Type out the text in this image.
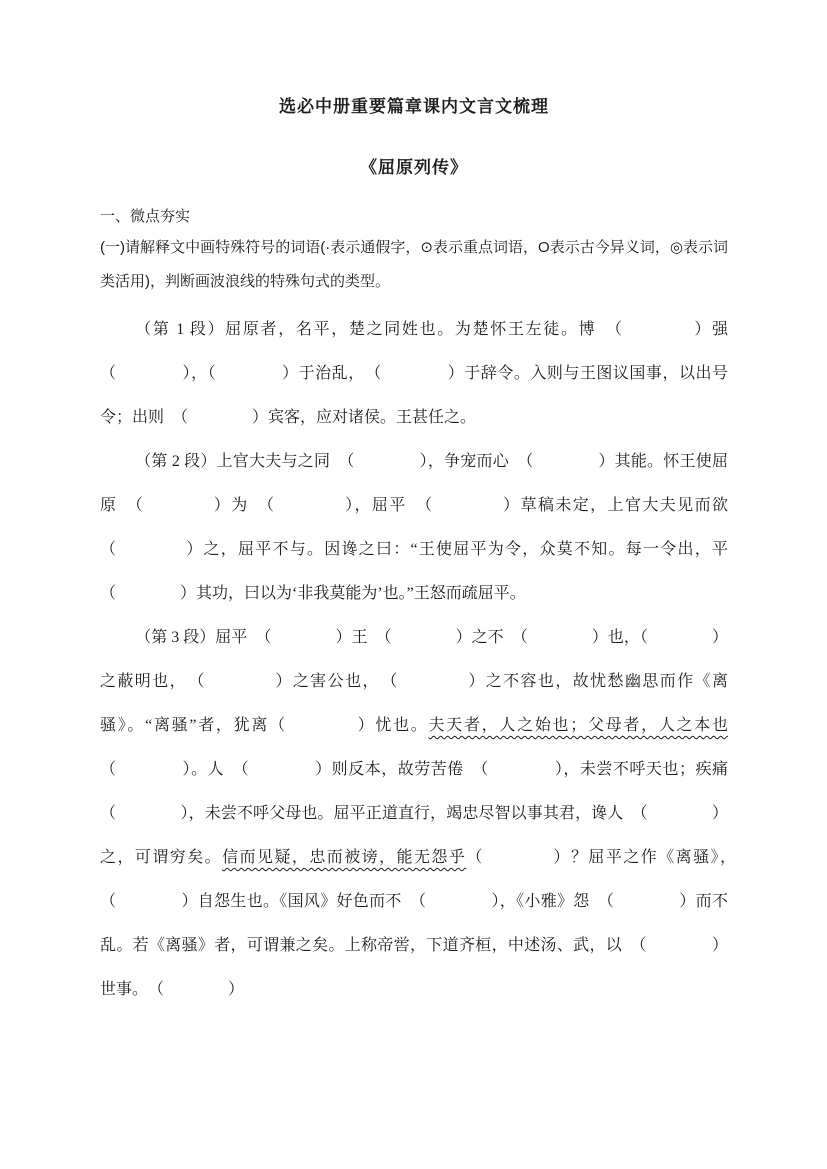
选必中册重要篇章课内文言文梳理
《屈原列传》
一、微点夯实
(一)请解释文中画特殊符号的词语(·表示通假字，⊙表示重点词语，O表示古今异义词，◎表示词类活用)，判断画波浪线的特殊句式的类型。

（第 1 段）屈原者，名平，楚之同姓也。为楚怀王左徒。博　（　　　　）强（　　　　），（　　　　）于治乱，　（　　　　）于辞令。入则与王图议国事，以出号令；出则　（　　　　）宾客，应对诸侯。王甚任之。

（第 2 段）上官大夫与之同　（　　　　），争宠而心　（　　　　）其能。怀王使屈原　（　　　　）为　（　　　　），屈平　（　　　　）草稿未定，上官大夫见而欲　（　　　　）之，屈平不与。因谗之曰：“王使屈平为令，众莫不知。每一令出，平　（　　　　）其功，曰以为‘非我莫能为’也。”王怒而疏屈平。

（第 3 段）屈平　（　　　　）王　（　　　　）之不　（　　　　）也，（　　　　）之蔽明也，　（　　　　）之害公也，　（　　　　）之不容也，故忧愁幽思而作《离骚》。“离骚”者，犹离（　　　　）忧也。夫天者，人之始也；父母者，人之本也（　　　　）。人　（　　　　）则反本，故劳苦倦　（　　　　），未尝不呼天也；疾痛　（　　　　），未尝不呼父母也。屈平正道直行，竭忠尽智以事其君，谗人　（　　　　）之，可谓穷矣。信而见疑，忠而被谤，能无怨乎（　　　　）？屈平之作《离骚》，　（　　　　）自怨生也。《国风》好色而不　（　　　　），《小雅》怨　（　　　　）而不乱。若《离骚》者，可谓兼之矣。上称帝喾，下道齐桓，中述汤、武，以　（　　　　）世事。　（　　　　）
